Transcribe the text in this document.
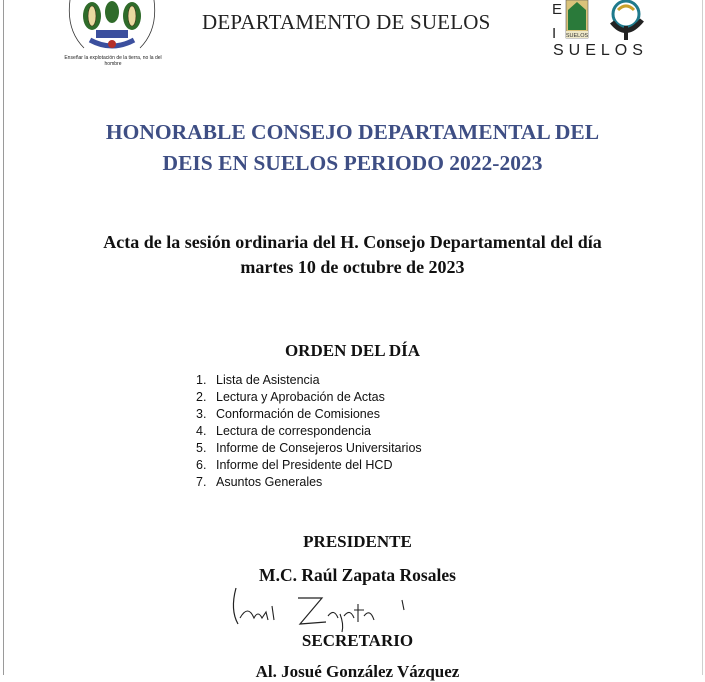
Enseñar la explotación de la tierra, no la del hombre
DEPARTAMENTO DE SUELOS
E
I SUELOS
SUELOS
HONORABLE CONSEJO DEPARTAMENTAL DEL
DEIS EN SUELOS PERIODO 2022-2023
Acta de la sesión ordinaria del H. Consejo Departamental del día
martes 10 de octubre de 2023
ORDEN DEL DÍA
1. Lista de Asistencia
2. Lectura y Aprobación de Actas
3. Conformación de Comisiones
4. Lectura de correspondencia
5. Informe de Consejeros Universitarios
6. Informe del Presidente del HCD
7. Asuntos Generales
PRESIDENTE
M.C. Raúl Zapata Rosales
SECRETARIO
Al. Josué González Vázquez
